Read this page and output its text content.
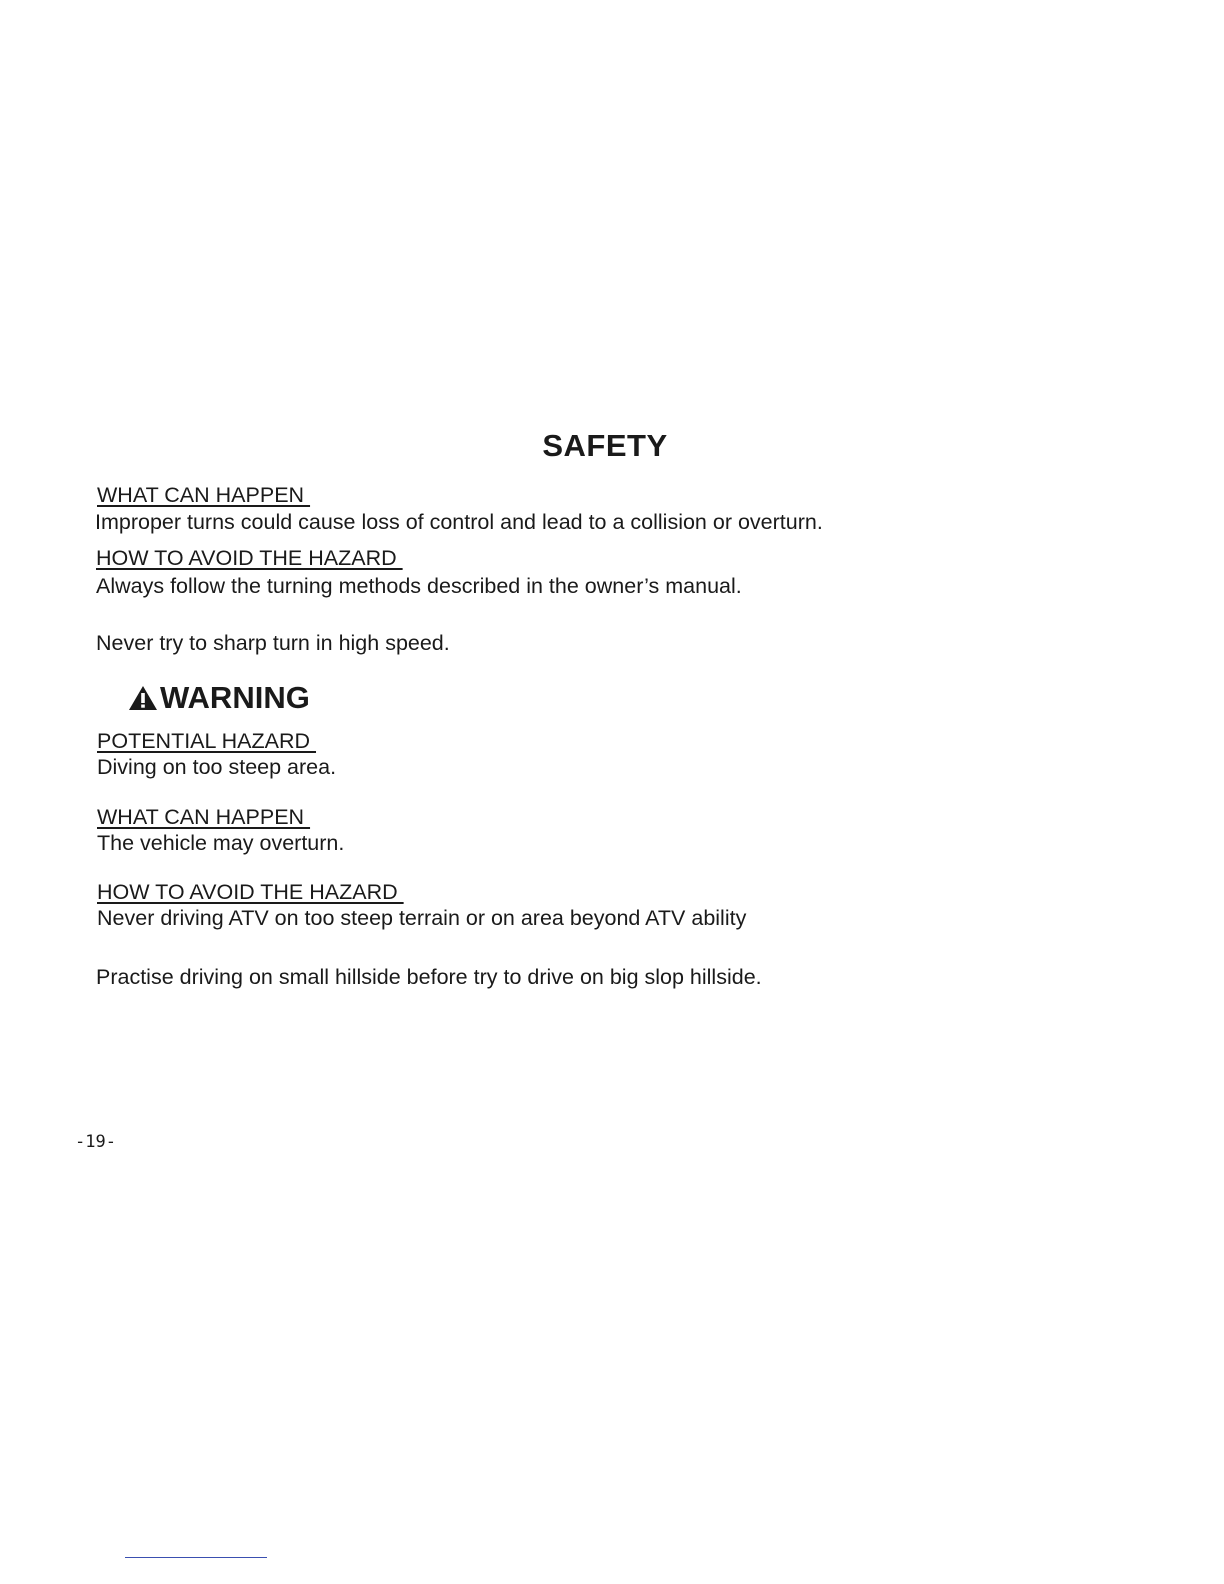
SAFETY
WHAT CAN HAPPEN
Improper turns could cause loss of control and lead to a collision or overturn.
HOW TO AVOID THE HAZARD
Always follow the turning methods described in the owner’s manual.
Never try to sharp turn in high speed.
WARNING
POTENTIAL HAZARD
Diving on too steep area.
WHAT CAN HAPPEN
The vehicle may overturn.
HOW TO AVOID THE HAZARD
Never driving ATV on too steep terrain or on area beyond ATV ability
Practise driving on small hillside before try to drive on big slop hillside.
-19-
